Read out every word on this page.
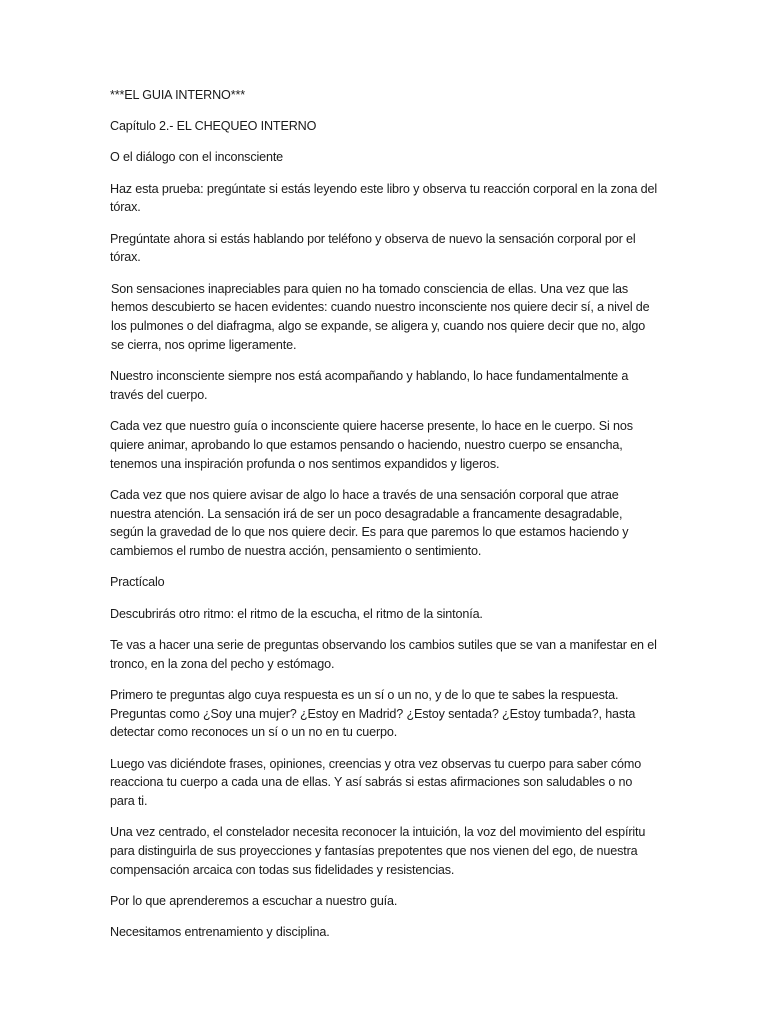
***EL GUIA INTERNO***

Capítulo 2.- EL CHEQUEO INTERNO

O el diálogo con el inconsciente

Haz esta prueba: pregúntate si estás leyendo este libro y observa tu reacción corporal en la zona del tórax.

Pregúntate ahora si estás hablando por teléfono y observa de nuevo la sensación corporal por el tórax.

Son sensaciones inapreciables para quien no ha tomado consciencia de ellas. Una vez que las hemos descubierto se hacen evidentes: cuando nuestro inconsciente nos quiere decir sí, a nivel de los pulmones o del diafragma, algo se expande, se aligera y, cuando nos quiere decir que no, algo se cierra, nos oprime ligeramente.

Nuestro inconsciente siempre nos está acompañando y hablando, lo hace fundamentalmente a través del cuerpo.

Cada vez que nuestro guía o inconsciente quiere hacerse presente, lo hace en le cuerpo. Si nos quiere animar, aprobando lo que estamos pensando o haciendo, nuestro cuerpo se ensancha, tenemos una inspiración profunda o nos sentimos expandidos y ligeros.

Cada vez que nos quiere avisar de algo lo hace a través de una sensación corporal que atrae nuestra atención. La sensación irá de ser un poco desagradable a francamente desagradable, según la gravedad de lo que nos quiere decir. Es para que paremos lo que estamos haciendo y cambiemos el rumbo de nuestra acción, pensamiento o sentimiento.

Practícalo

Descubrirás otro ritmo: el ritmo de la escucha, el ritmo de la sintonía.

Te vas a hacer una serie de preguntas observando los cambios sutiles que se van a manifestar en el tronco, en la zona del pecho y estómago.

Primero te preguntas algo cuya respuesta es un sí o un no, y de lo que te sabes la respuesta. Preguntas como ¿Soy una mujer? ¿Estoy en Madrid? ¿Estoy sentada? ¿Estoy tumbada?, hasta detectar como reconoces un sí o un no en tu cuerpo.

Luego vas diciéndote frases, opiniones, creencias y otra vez observas tu cuerpo para saber cómo reacciona tu cuerpo a cada una de ellas. Y así sabrás si estas afirmaciones son saludables o no para ti.

Una vez centrado, el constelador necesita reconocer la intuición, la voz del movimiento del espíritu para distinguirla de sus proyecciones y fantasías prepotentes que nos vienen del ego, de nuestra compensación arcaica con todas sus fidelidades y resistencias.

Por lo que aprenderemos a escuchar a nuestro guía.

Necesitamos entrenamiento y disciplina.
